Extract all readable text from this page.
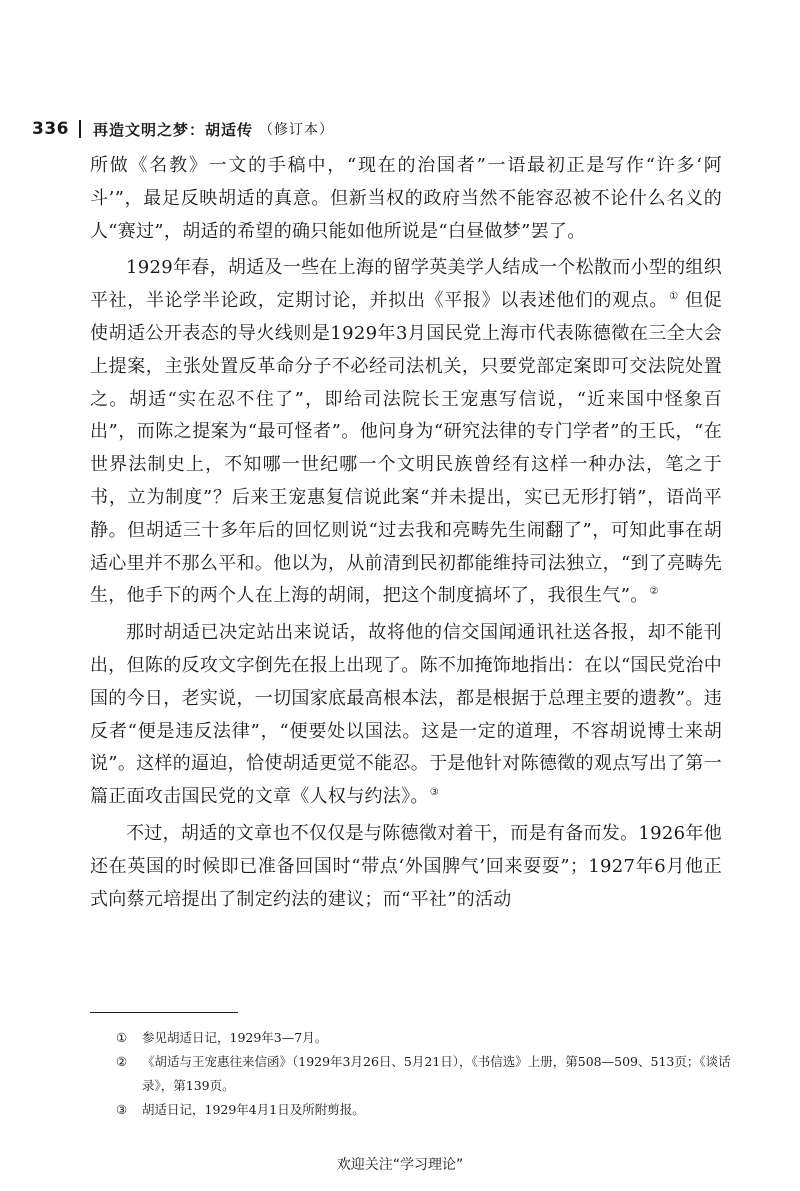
336 再造文明之梦：胡适传 （修订本）

所做《名教》一文的手稿中，“现在的治国者”一语最初正是写作“许多‘阿斗’”，最足反映胡适的真意。但新当权的政府当然不能容忍被不论什么名义的人“赛过”，胡适的希望的确只能如他所说是“白昼做梦”罢了。

1929年春，胡适及一些在上海的留学英美学人结成一个松散而小型的组织平社，半论学半论政，定期讨论，并拟出《平报》以表述他们的观点。① 但促使胡适公开表态的导火线则是1929年3月国民党上海市代表陈德徵在三全大会上提案，主张处置反革命分子不必经司法机关，只要党部定案即可交法院处置之。胡适“实在忍不住了”，即给司法院长王宠惠写信说，“近来国中怪象百出”，而陈之提案为“最可怪者”。他问身为“研究法律的专门学者”的王氏，“在世界法制史上，不知哪一世纪哪一个文明民族曾经有这样一种办法，笔之于书，立为制度”？后来王宠惠复信说此案“并未提出，实已无形打销”，语尚平静。但胡适三十多年后的回忆则说“过去我和亮畴先生闹翻了”，可知此事在胡适心里并不那么平和。他以为，从前清到民初都能维持司法独立，“到了亮畴先生，他手下的两个人在上海的胡闹，把这个制度搞坏了，我很生气”。②

那时胡适已决定站出来说话，故将他的信交国闻通讯社送各报，却不能刊出，但陈的反攻文字倒先在报上出现了。陈不加掩饰地指出：在以“国民党治中国的今日，老实说，一切国家底最高根本法，都是根据于总理主要的遗教”。违反者“便是违反法律”，“便要处以国法。这是一定的道理，不容胡说博士来胡说”。这样的逼迫，恰使胡适更觉不能忍。于是他针对陈德徵的观点写出了第一篇正面攻击国民党的文章《人权与约法》。③

不过，胡适的文章也不仅仅是与陈德徵对着干，而是有备而发。1926年他还在英国的时候即已准备回国时“带点‘外国脾气’回来耍耍”；1927年6月他正式向蔡元培提出了制定约法的建议；而“平社”的活动

① 参见胡适日记，1929年3—7月。
② 《胡适与王宠惠往来信函》（1929年3月26日、5月21日），《书信选》上册，第508—509、513页；《谈话录》，第139页。
③ 胡适日记，1929年4月1日及所附剪报。
欢迎关注“学习理论”
